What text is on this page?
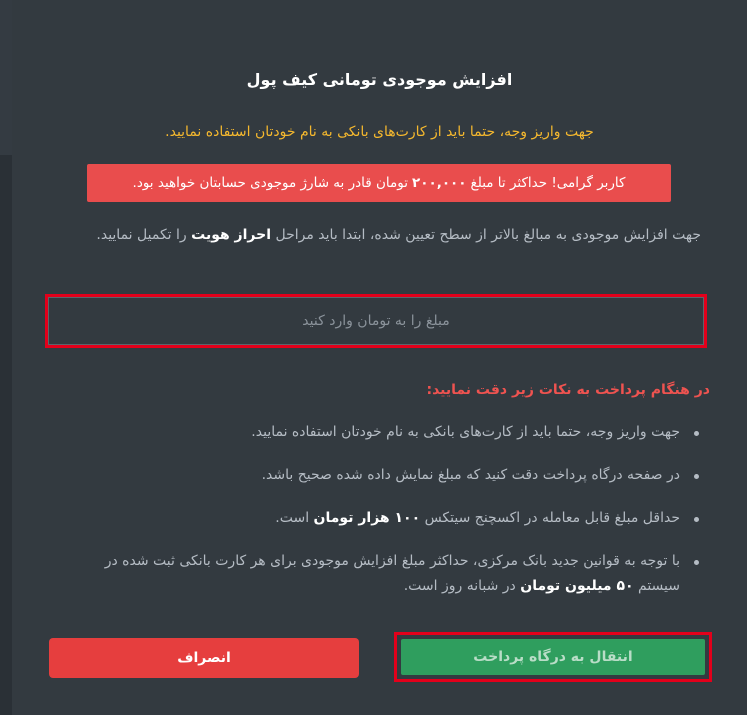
افزایش موجودی تومانی کیف پول
جهت واریز وجه، حتما باید از کارت‌های بانکی به نام خودتان استفاده نمایید.
کاربر گرامی! حداکثر تا مبلغ
۲۰۰,۰۰۰
تومان قادر به شارژ موجودی حسابتان خواهید بود.
جهت افزایش موجودی به مبالغ بالاتر از سطح تعیین شده، ابتدا باید مراحل احراز هویت را تکمیل نمایید.
مبلغ را به تومان وارد کنید
در هنگام پرداخت به نکات زیر دقت نمایید:
جهت واریز وجه، حتما باید از کارت‌های بانکی به نام خودتان استفاده نمایید.
در صفحه درگاه پرداخت دقت کنید که مبلغ نمایش داده شده صحیح باشد.
حداقل مبلغ قابل معامله در اکسچنج سیتکس ۱۰۰ هزار تومان است.
با توجه به قوانین جدید بانک مرکزی، حداکثر مبلغ افزایش موجودی برای هر کارت بانکی ثبت شده در سیستم ۵۰ میلیون تومان در شبانه روز است.
انصراف	انتقال به درگاه پرداخت
